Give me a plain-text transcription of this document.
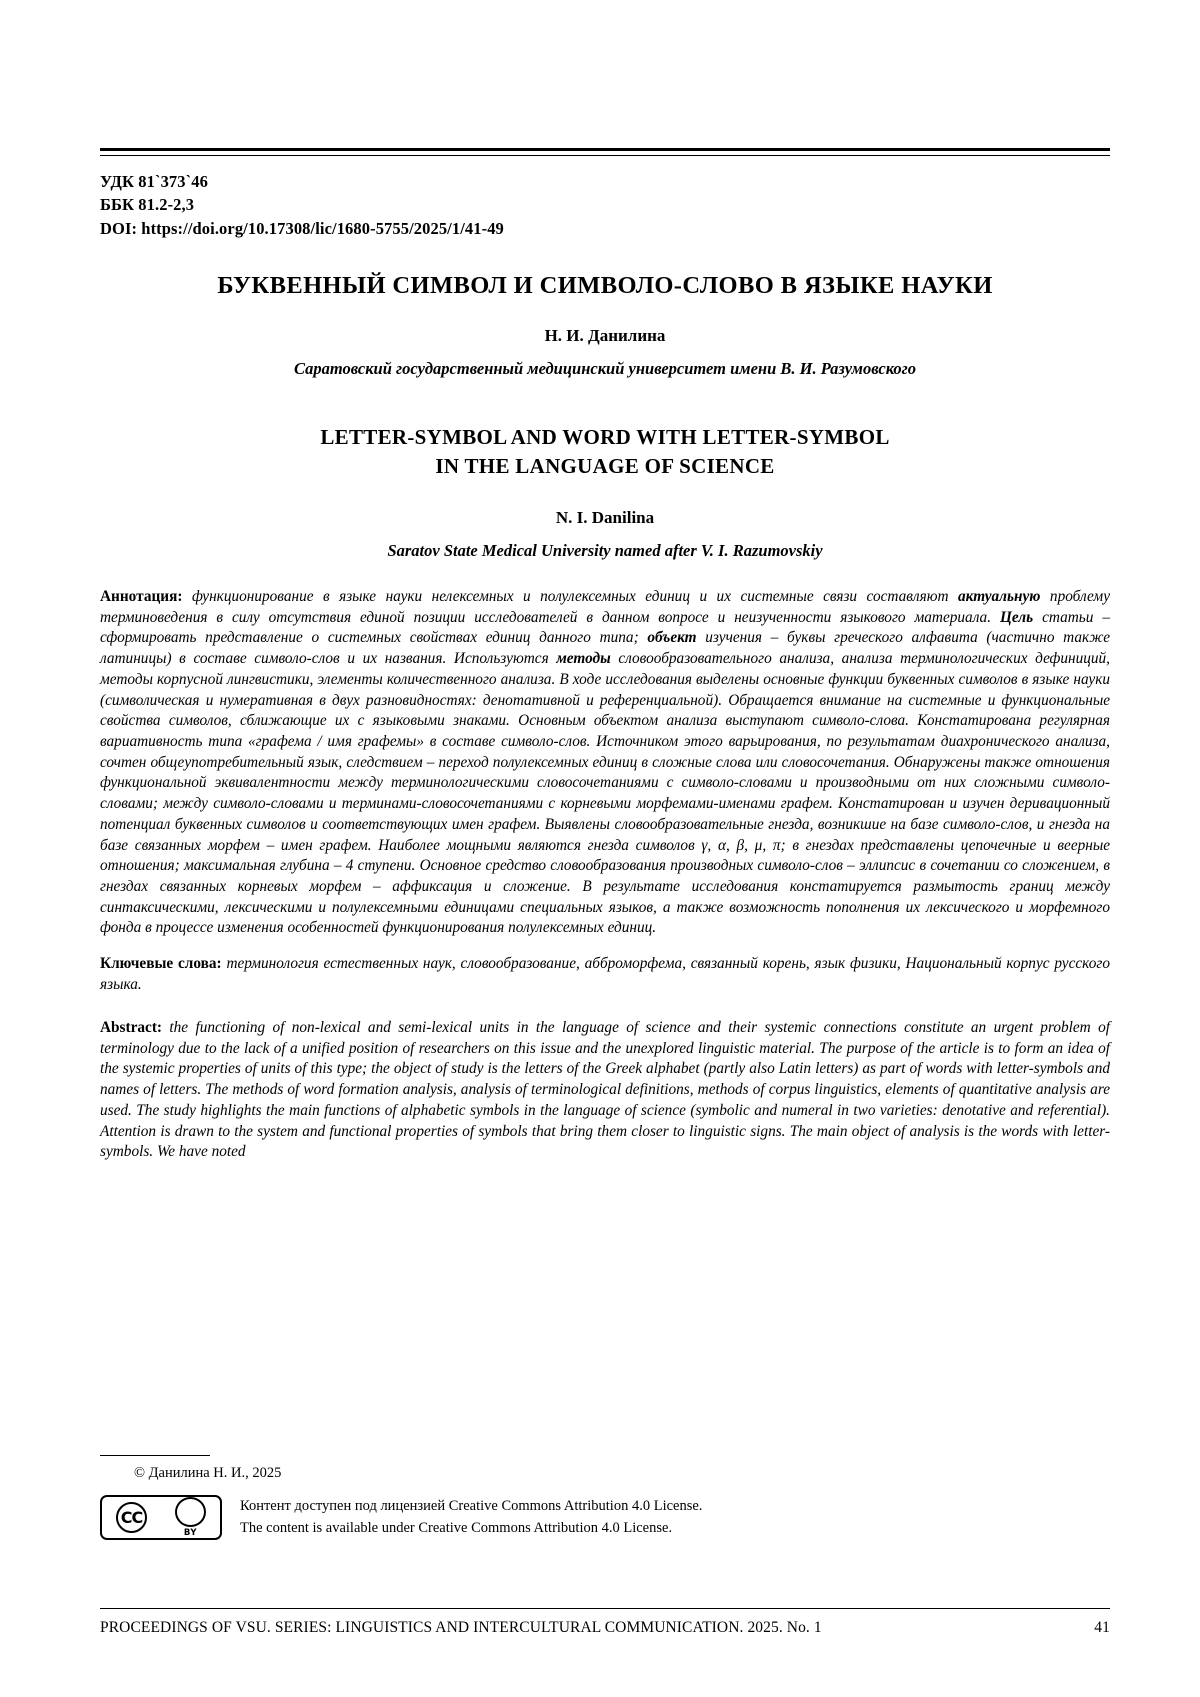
УДК 81`373`46
ББК 81.2-2,3
DOI: https://doi.org/10.17308/lic/1680-5755/2025/1/41-49
БУКВЕННЫЙ СИМВОЛ И СИМВОЛО-СЛОВО В ЯЗЫКЕ НАУКИ
Н. И. Данилина
Саратовский государственный медицинский университет имени В. И. Разумовского
LETTER-SYMBOL AND WORD WITH LETTER-SYMBOL
IN THE LANGUAGE OF SCIENCE
N. I. Danilina
Saratov State Medical University named after V. I. Razumovskiy

Аннотация: функционирование в языке науки нелексемных и полулексемных единиц и их системные связи составляют актуальную проблему терминоведения в силу отсутствия единой позиции исследователей в данном вопросе и неизученности языкового материала. Цель статьи – сформировать представление о системных свойствах единиц данного типа; объект изучения – буквы греческого алфавита (частично также латиницы) в составе символо-слов и их названия. Используются методы словообразовательного анализа, анализа терминологических дефиниций, методы корпусной лингвистики, элементы количественного анализа. В ходе исследования выделены основные функции буквенных символов в языке науки (символическая и нумеративная в двух разновидностях: денотативной и референциальной). Обращается внимание на системные и функциональные свойства символов, сближающие их с языковыми знаками. Основным объектом анализа выступают символо-слова. Констатирована регулярная вариативность типа «графема / имя графемы» в составе символо-слов. Источником этого варьирования, по результатам диахронического анализа, сочтен общеупотребительный язык, следствием – переход полулексемных единиц в сложные слова или словосочетания. Обнаружены также отношения функциональной эквивалентности между терминологическими словосочетаниями с символо-словами и производными от них сложными символо-словами; между символо-словами и терминами-словосочетаниями с корневыми морфемами-именами графем. Констатирован и изучен деривационный потенциал буквенных символов и соответствующих имен графем. Выявлены словообразовательные гнезда, возникшие на базе символо-слов, и гнезда на базе связанных морфем – имен графем. Наиболее мощными являются гнезда символов γ, α, β, μ, π; в гнездах представлены цепочечные и веерные отношения; максимальная глубина – 4 ступени. Основное средство словообразования производных символо-слов – эллипсис в сочетании со сложением, в гнездах связанных корневых морфем – аффиксация и сложение. В результате исследования констатируется размытость границ между синтаксическими, лексическими и полулексемными единицами специальных языков, а также возможность пополнения их лексического и морфемного фонда в процессе изменения особенностей функционирования полулексемных единиц.

Ключевые слова: терминология естественных наук, словообразование, абброморфема, связанный корень, язык физики, Национальный корпус русского языка.

Abstract: the functioning of non-lexical and semi-lexical units in the language of science and their systemic connections constitute an urgent problem of terminology due to the lack of a unified position of researchers on this issue and the unexplored linguistic material. The purpose of the article is to form an idea of the systemic properties of units of this type; the object of study is the letters of the Greek alphabet (partly also Latin letters) as part of words with letter-symbols and names of letters. The methods of word formation analysis, analysis of terminological definitions, methods of corpus linguistics, elements of quantitative analysis are used. The study highlights the main functions of alphabetic symbols in the language of science (symbolic and numeral in two varieties: denotative and referential). Attention is drawn to the system and functional properties of symbols that bring them closer to linguistic signs. The main object of analysis is the words with letter-symbols. We have noted

© Данилина Н. И., 2025
CC

BY
Контент доступен под лицензией Creative Commons Attribution 4.0 License.
The content is available under Creative Commons Attribution 4.0 License.
PROCEEDINGS OF VSU. SERIES: LINGUISTICS AND INTERCULTURAL COMMUNICATION. 2025. No. 1	41
